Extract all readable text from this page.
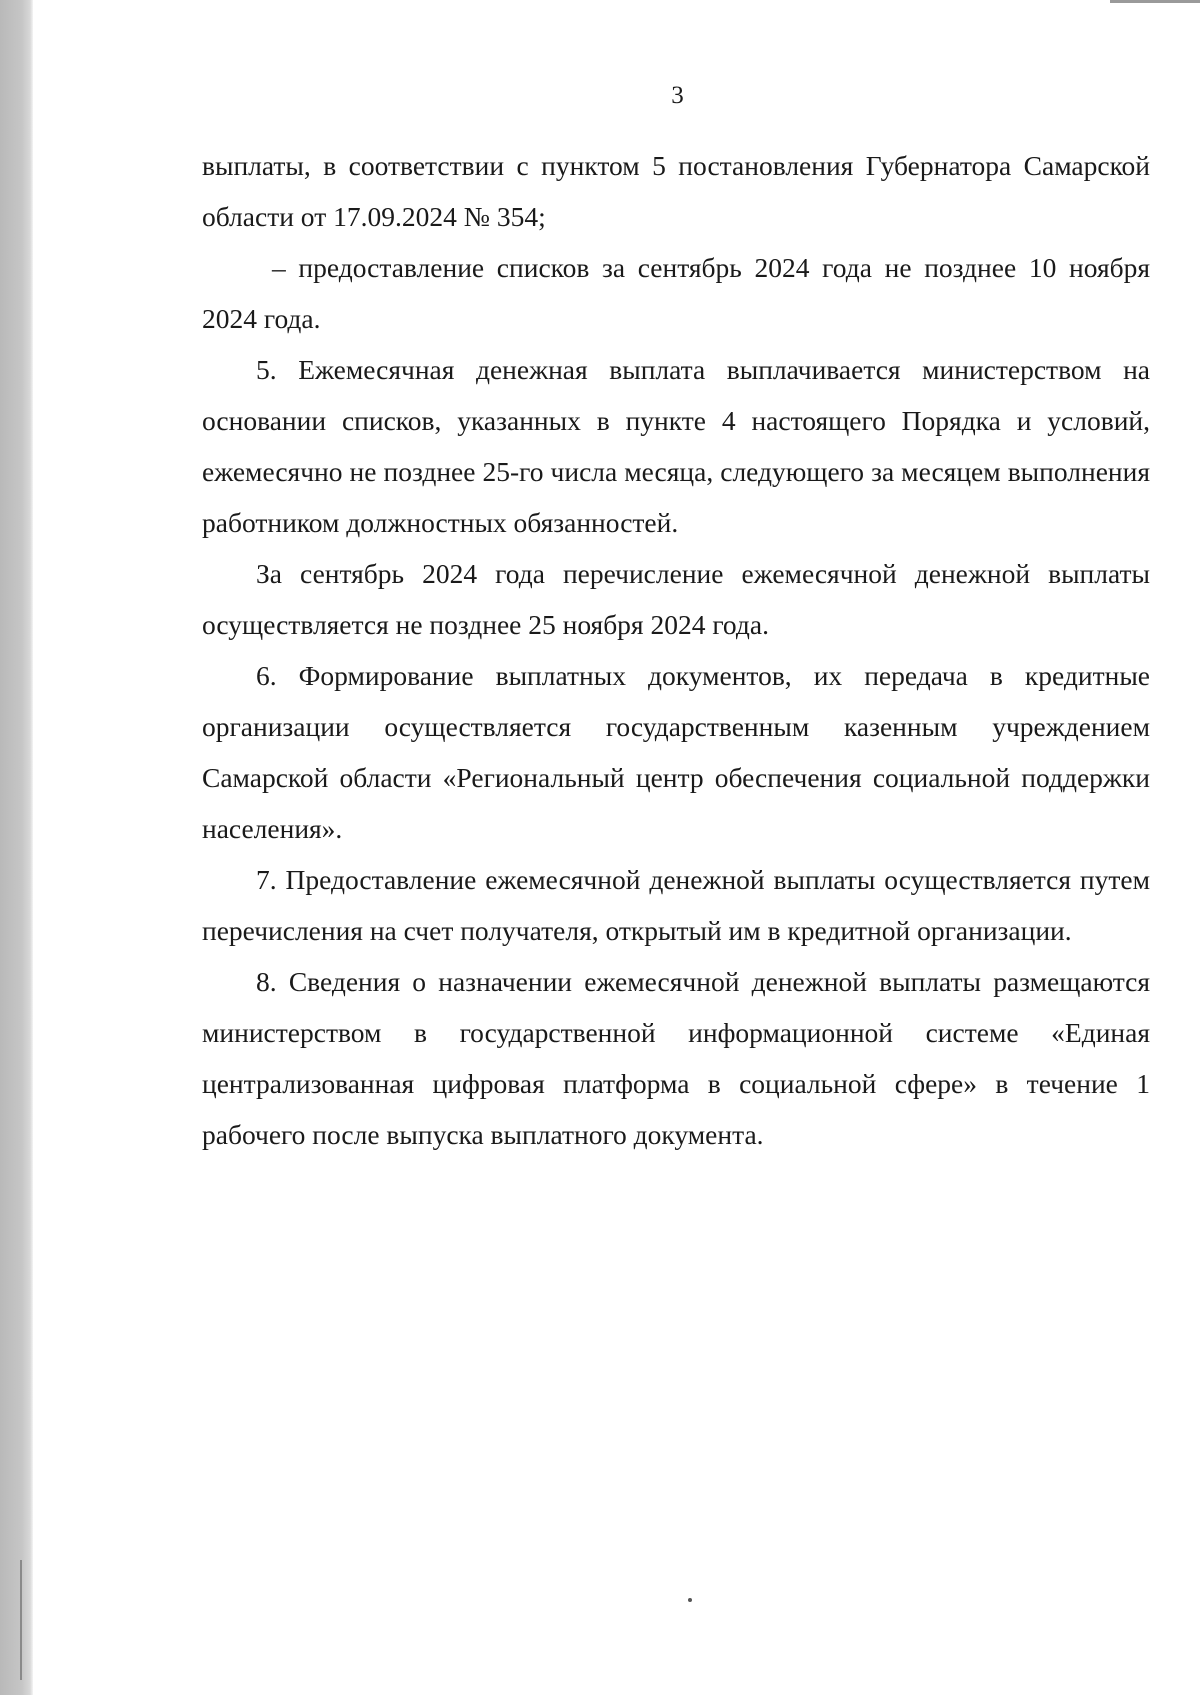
3

выплаты, в соответствии с пунктом 5 постановления Губернатора Самарской области от 17.09.2024 № 354;

– предоставление списков за сентябрь 2024 года не позднее 10 ноября 2024 года.

5. Ежемесячная денежная выплата выплачивается министерством на основании списков, указанных в пункте 4 настоящего Порядка и условий, ежемесячно не позднее 25-го числа месяца, следующего за месяцем выполнения работником должностных обязанностей.

За сентябрь 2024 года перечисление ежемесячной денежной выплаты осуществляется не позднее 25 ноября 2024 года.

6. Формирование выплатных документов, их передача в кредитные организации осуществляется государственным казенным учреждением Самарской области «Региональный центр обеспечения социальной поддержки населения».

7. Предоставление ежемесячной денежной выплаты осуществляется путем перечисления на счет получателя, открытый им в кредитной организации.

8. Сведения о назначении ежемесячной денежной выплаты размещаются министерством в государственной информационной системе «Единая централизованная цифровая платформа в социальной сфере» в течение 1 рабочего после выпуска выплатного документа.
